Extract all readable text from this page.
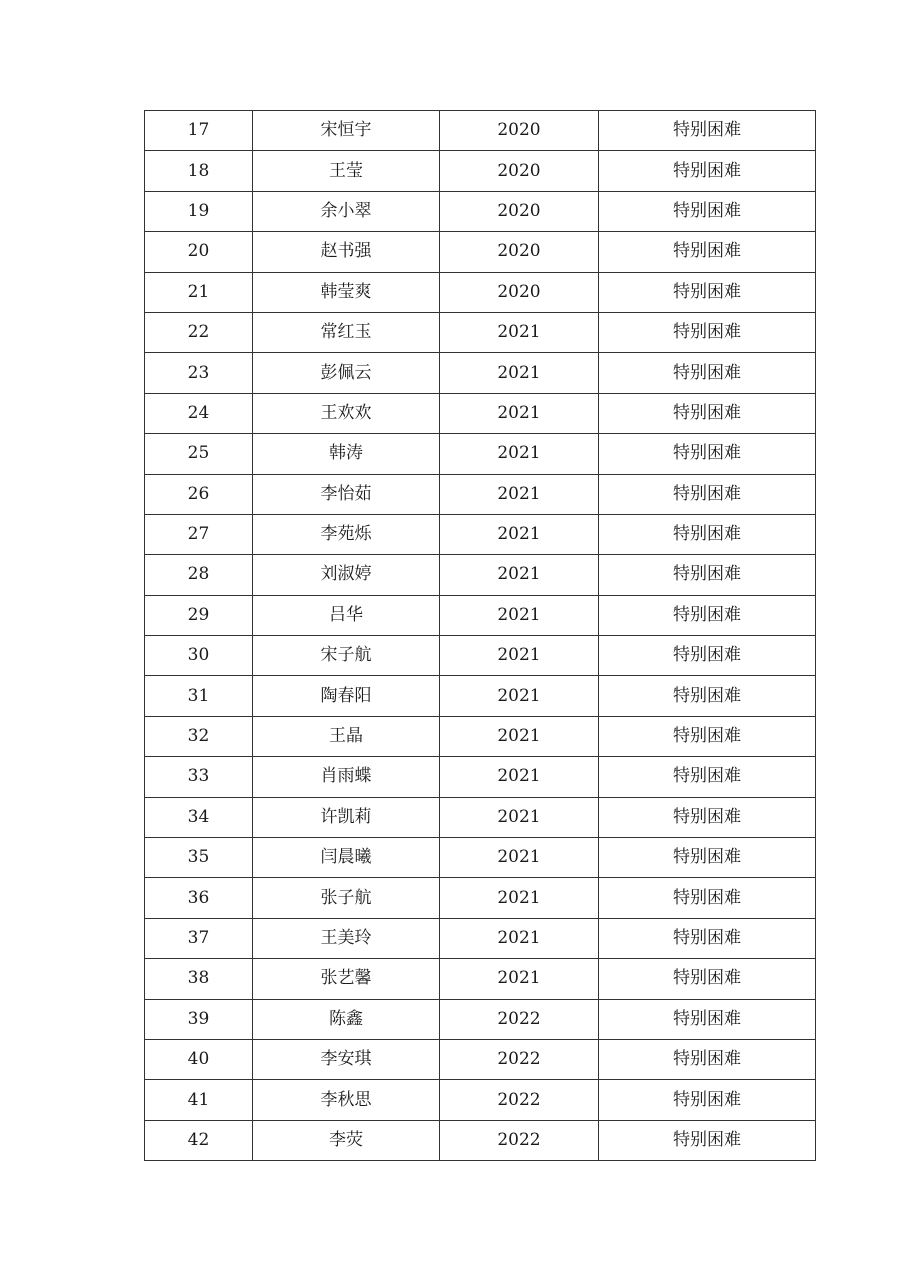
17	宋恒宇	2020	特别困难
18	王莹	2020	特别困难
19	余小翠	2020	特别困难
20	赵书强	2020	特别困难
21	韩莹爽	2020	特别困难
22	常红玉	2021	特别困难
23	彭佩云	2021	特别困难
24	王欢欢	2021	特别困难
25	韩涛	2021	特别困难
26	李怡茹	2021	特别困难
27	李苑烁	2021	特别困难
28	刘淑婷	2021	特别困难
29	吕华	2021	特别困难
30	宋子航	2021	特别困难
31	陶春阳	2021	特别困难
32	王晶	2021	特别困难
33	肖雨蝶	2021	特别困难
34	许凯莉	2021	特别困难
35	闫晨曦	2021	特别困难
36	张子航	2021	特别困难
37	王美玲	2021	特别困难
38	张艺馨	2021	特别困难
39	陈鑫	2022	特别困难
40	李安琪	2022	特别困难
41	李秋思	2022	特别困难
42	李荧	2022	特别困难
